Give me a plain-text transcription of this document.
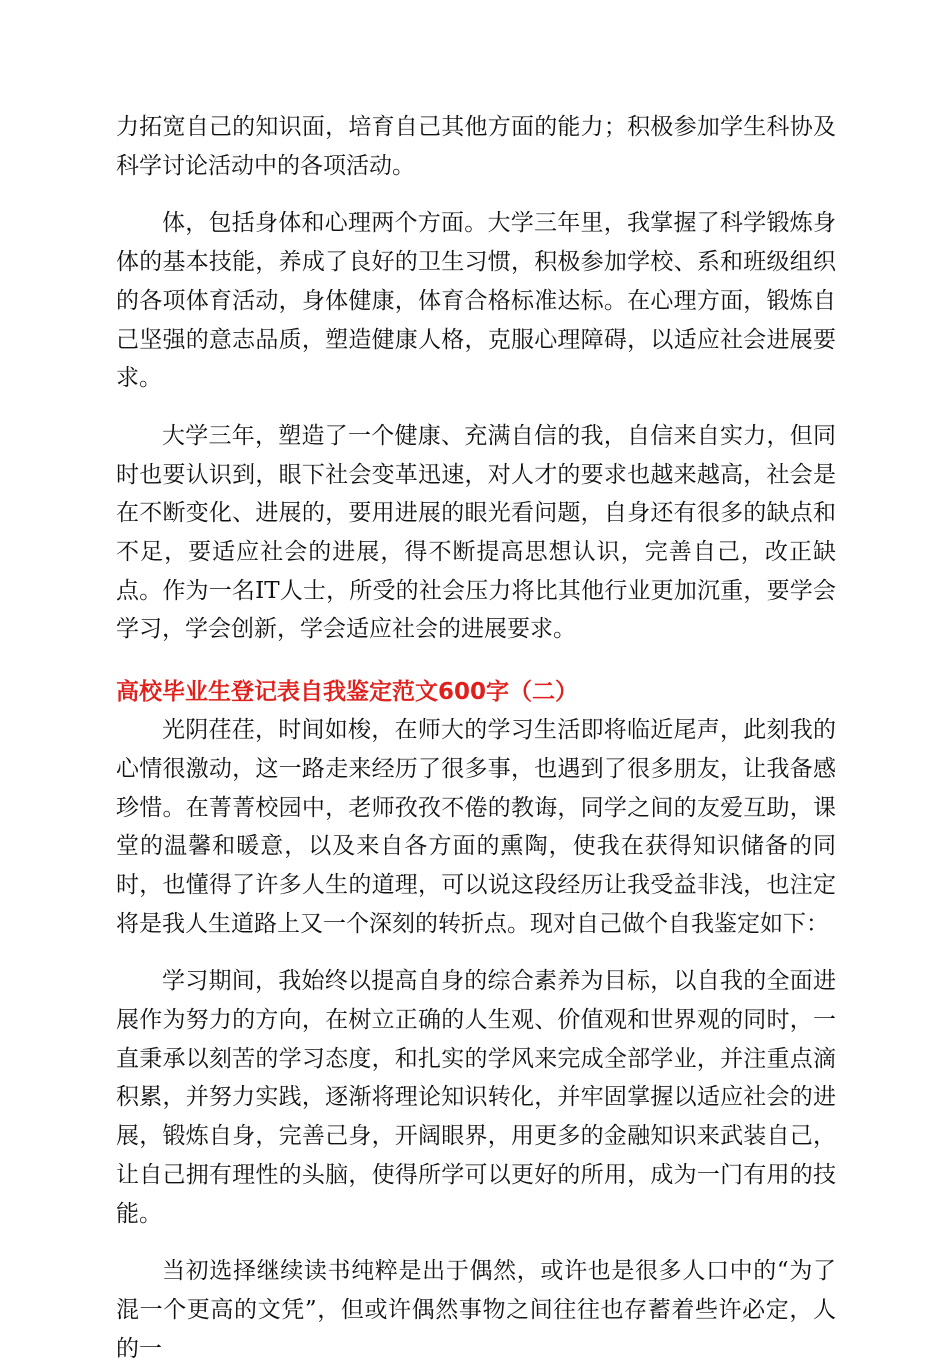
力拓宽自己的知识面，培育自己其他方面的能力；积极参加学生科协及科学讨论活动中的各项活动。

体，包括身体和心理两个方面。大学三年里，我掌握了科学锻炼身体的基本技能，养成了良好的卫生习惯，积极参加学校、系和班级组织的各项体育活动，身体健康，体育合格标准达标。在心理方面，锻炼自己坚强的意志品质，塑造健康人格，克服心理障碍，以适应社会进展要求。

大学三年，塑造了一个健康、充满自信的我，自信来自实力，但同时也要认识到，眼下社会变革迅速，对人才的要求也越来越高，社会是在不断变化、进展的，要用进展的眼光看问题，自身还有很多的缺点和不足，要适应社会的进展，得不断提高思想认识，完善自己，改正缺点。作为一名IT人士，所受的社会压力将比其他行业更加沉重，要学会学习，学会创新，学会适应社会的进展要求。

高校毕业生登记表自我鉴定范文600字（二）

光阴荏荏，时间如梭，在师大的学习生活即将临近尾声，此刻我的心情很激动，这一路走来经历了很多事，也遇到了很多朋友，让我备感珍惜。在菁菁校园中，老师孜孜不倦的教诲，同学之间的友爱互助，课堂的温馨和暖意，以及来自各方面的熏陶，使我在获得知识储备的同时，也懂得了许多人生的道理，可以说这段经历让我受益非浅，也注定将是我人生道路上又一个深刻的转折点。现对自己做个自我鉴定如下：

学习期间，我始终以提高自身的综合素养为目标，以自我的全面进展作为努力的方向，在树立正确的人生观、价值观和世界观的同时，一直秉承以刻苦的学习态度，和扎实的学风来完成全部学业，并注重点滴积累，并努力实践，逐渐将理论知识转化，并牢固掌握以适应社会的进展，锻炼自身，完善己身，开阔眼界，用更多的金融知识来武装自己，让自己拥有理性的头脑，使得所学可以更好的所用，成为一门有用的技能。

当初选择继续读书纯粹是出于偶然，或许也是很多人口中的“为了混一个更高的文凭”，但或许偶然事物之间往往也存蓄着些许必定，人的一
